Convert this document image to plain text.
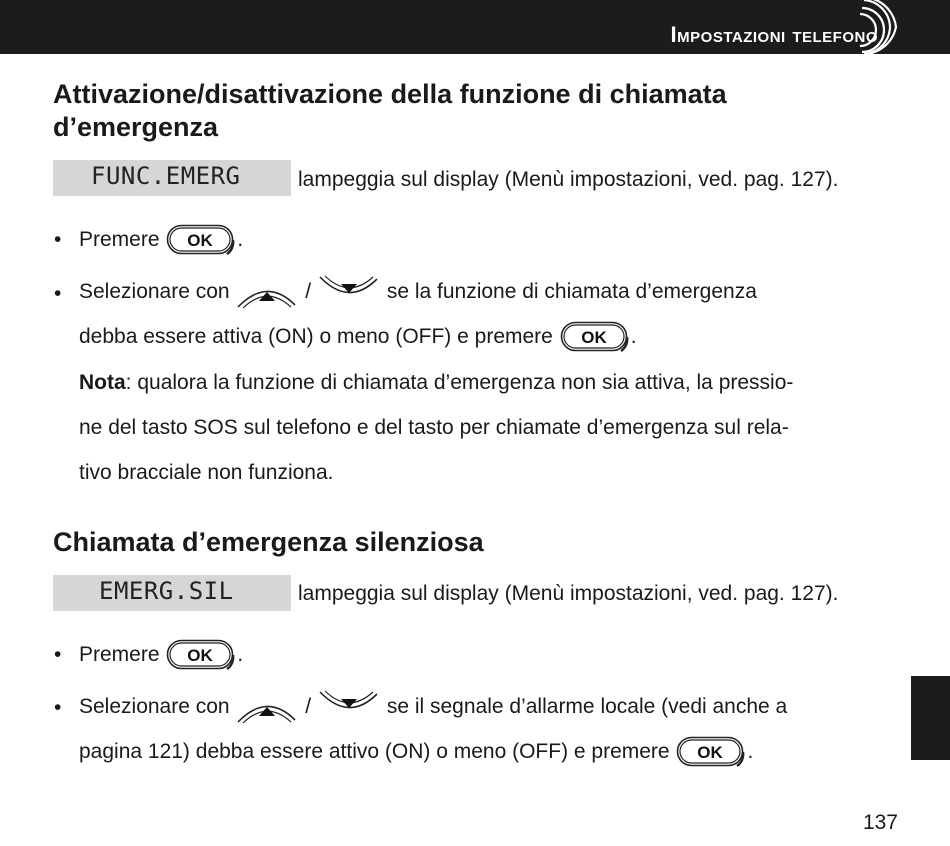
Impostazioni telefono
Attivazione/disattivazione della funzione di chiamata
d’emergenza
FUNC.EMERG	lampeggia sul display (Menù impostazioni, ved. pag. 127).
• Premere OK .
• Selezionare con	/	se la funzione di chiamata d’emergenza
debba essere attiva (ON) o meno (OFF) e premere OK .
Nota: qualora la funzione di chiamata d’emergenza non sia attiva, la pressio-
ne del tasto SOS sul telefono e del tasto per chiamate d’emergenza sul rela-
tivo bracciale non funziona.
Chiamata d’emergenza silenziosa
EMERG.SIL	lampeggia sul display (Menù impostazioni, ved. pag. 127).
• Premere OK .
• Selezionare con	/	se il segnale d’allarme locale (vedi anche a
pagina 121) debba essere attivo (ON) o meno (OFF) e premere OK .
137
